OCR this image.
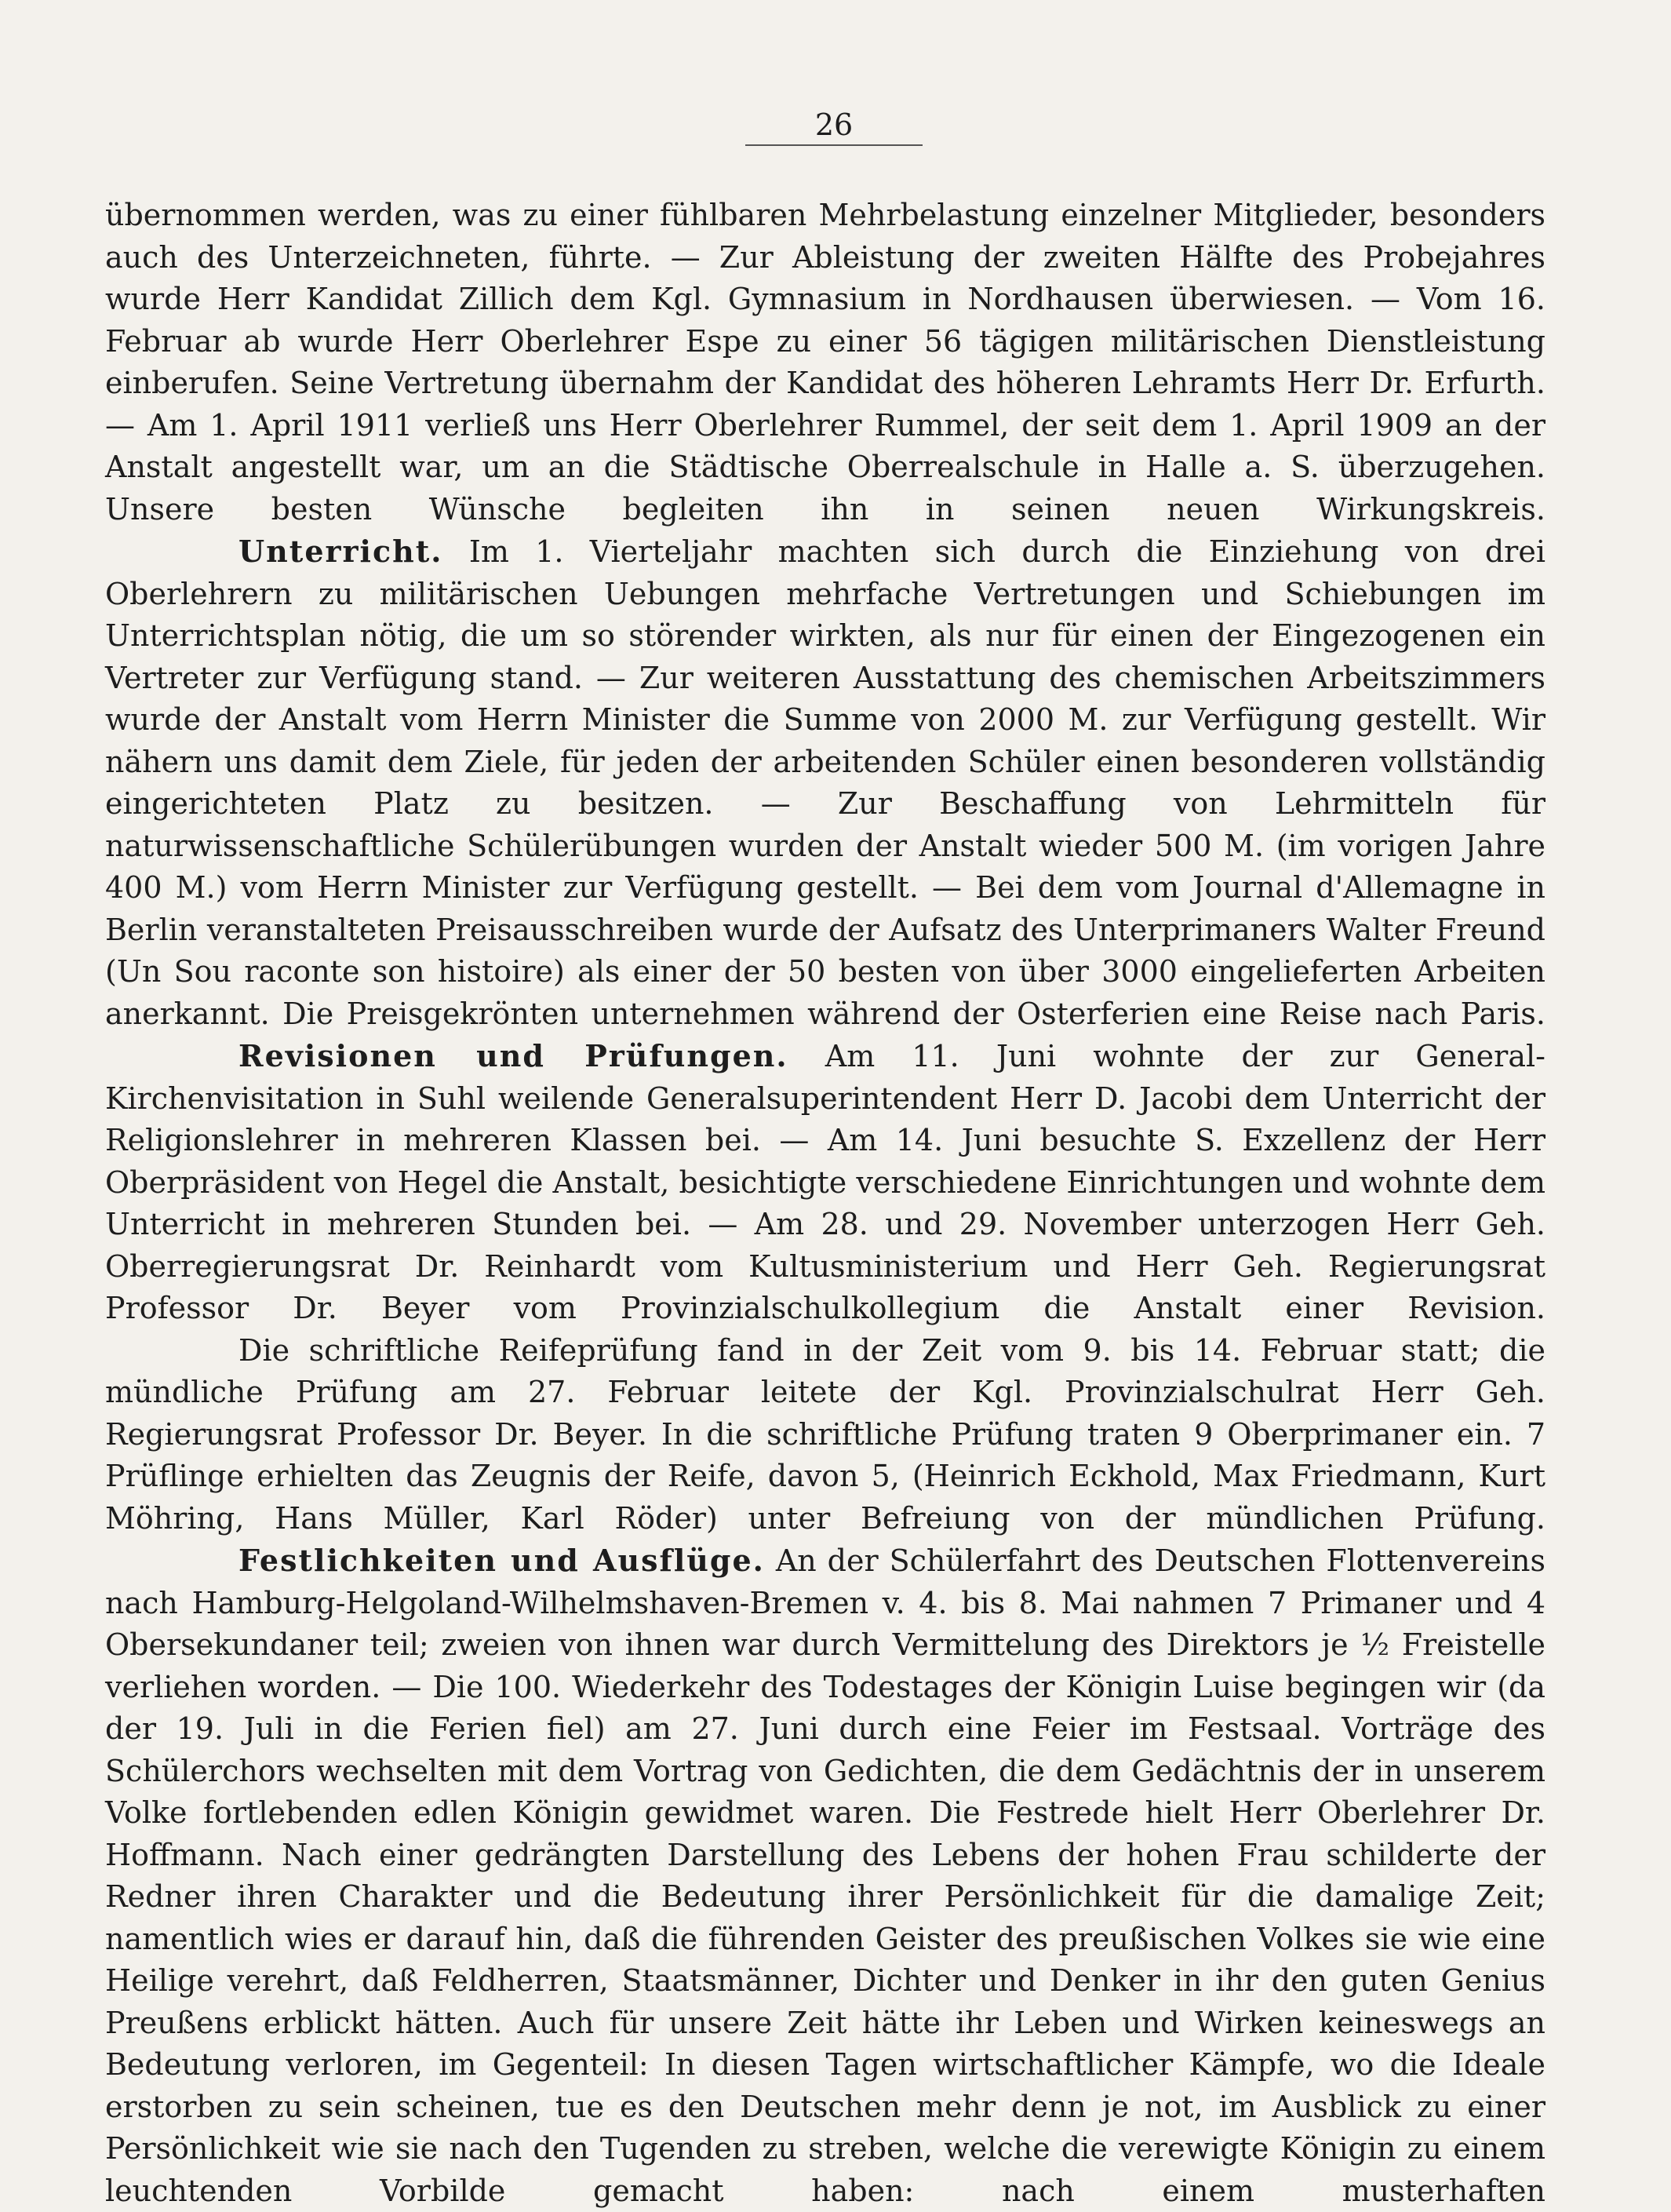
26

übernommen werden, was zu einer fühlbaren Mehrbelastung einzelner Mitglieder, besonders auch des Unterzeichneten, führte. — Zur Ableistung der zweiten Hälfte des Probejahres wurde Herr Kandidat Zillich dem Kgl. Gymnasium in Nordhausen überwiesen. — Vom 16. Februar ab wurde Herr Oberlehrer Espe zu einer 56 tägigen militärischen Dienstleistung einberufen. Seine Vertretung übernahm der Kandidat des höheren Lehramts Herr Dr. Erfurth. — Am 1. April 1911 verließ uns Herr Oberlehrer Rummel, der seit dem 1. April 1909 an der Anstalt angestellt war, um an die Städtische Oberrealschule in Halle a. S. überzugehen. Unsere besten Wünsche begleiten ihn in seinen neuen Wirkungskreis.

Unterricht. Im 1. Vierteljahr machten sich durch die Einziehung von drei Oberlehrern zu militärischen Uebungen mehrfache Vertretungen und Schiebungen im Unterrichtsplan nötig, die um so störender wirkten, als nur für einen der Eingezogenen ein Vertreter zur Verfügung stand. — Zur weiteren Ausstattung des chemischen Arbeitszimmers wurde der Anstalt vom Herrn Minister die Summe von 2000 M. zur Verfügung gestellt. Wir nähern uns damit dem Ziele, für jeden der arbeitenden Schüler einen besonderen vollständig eingerichteten Platz zu besitzen. — Zur Beschaffung von Lehrmitteln für naturwissenschaftliche Schülerübungen wurden der Anstalt wieder 500 M. (im vorigen Jahre 400 M.) vom Herrn Minister zur Verfügung gestellt. — Bei dem vom Journal d'Allemagne in Berlin veranstalteten Preisausschreiben wurde der Aufsatz des Unterprimaners Walter Freund (Un Sou raconte son histoire) als einer der 50 besten von über 3000 eingelieferten Arbeiten anerkannt. Die Preisgekrönten unternehmen während der Osterferien eine Reise nach Paris.

Revisionen und Prüfungen. Am 11. Juni wohnte der zur General-Kirchenvisitation in Suhl weilende Generalsuperintendent Herr D. Jacobi dem Unterricht der Religionslehrer in mehreren Klassen bei. — Am 14. Juni besuchte S. Exzellenz der Herr Oberpräsident von Hegel die Anstalt, besichtigte verschiedene Einrichtungen und wohnte dem Unterricht in mehreren Stunden bei. — Am 28. und 29. November unterzogen Herr Geh. Oberregierungsrat Dr. Reinhardt vom Kultusministerium und Herr Geh. Regierungsrat Professor Dr. Beyer vom Provinzialschulkollegium die Anstalt einer Revision.

Die schriftliche Reifeprüfung fand in der Zeit vom 9. bis 14. Februar statt; die mündliche Prüfung am 27. Februar leitete der Kgl. Provinzialschulrat Herr Geh. Regierungsrat Professor Dr. Beyer. In die schriftliche Prüfung traten 9 Oberprimaner ein. 7 Prüflinge erhielten das Zeugnis der Reife, davon 5, (Heinrich Eckhold, Max Friedmann, Kurt Möhring, Hans Müller, Karl Röder) unter Befreiung von der mündlichen Prüfung.

Festlichkeiten und Ausflüge. An der Schülerfahrt des Deutschen Flottenvereins nach Hamburg-Helgoland-Wilhelmshaven-Bremen v. 4. bis 8. Mai nahmen 7 Primaner und 4 Obersekundaner teil; zweien von ihnen war durch Vermittelung des Direktors je ½ Freistelle verliehen worden. — Die 100. Wiederkehr des Todestages der Königin Luise begingen wir (da der 19. Juli in die Ferien fiel) am 27. Juni durch eine Feier im Festsaal. Vorträge des Schülerchors wechselten mit dem Vortrag von Gedichten, die dem Gedächtnis der in unserem Volke fortlebenden edlen Königin gewidmet waren. Die Festrede hielt Herr Oberlehrer Dr. Hoffmann. Nach einer gedrängten Darstellung des Lebens der hohen Frau schilderte der Redner ihren Charakter und die Bedeutung ihrer Persönlichkeit für die damalige Zeit; namentlich wies er darauf hin, daß die führenden Geister des preußischen Volkes sie wie eine Heilige verehrt, daß Feldherren, Staatsmänner, Dichter und Denker in ihr den guten Genius Preußens erblickt hätten. Auch für unsere Zeit hätte ihr Leben und Wirken keineswegs an Bedeutung verloren, im Gegenteil: In diesen Tagen wirtschaftlicher Kämpfe, wo die Ideale erstorben zu sein scheinen, tue es den Deutschen mehr denn je not, im Ausblick zu einer Persönlichkeit wie sie nach den Tugenden zu streben, welche die verewigte Königin zu einem leuchtenden Vorbilde gemacht haben: nach einem musterhaften
